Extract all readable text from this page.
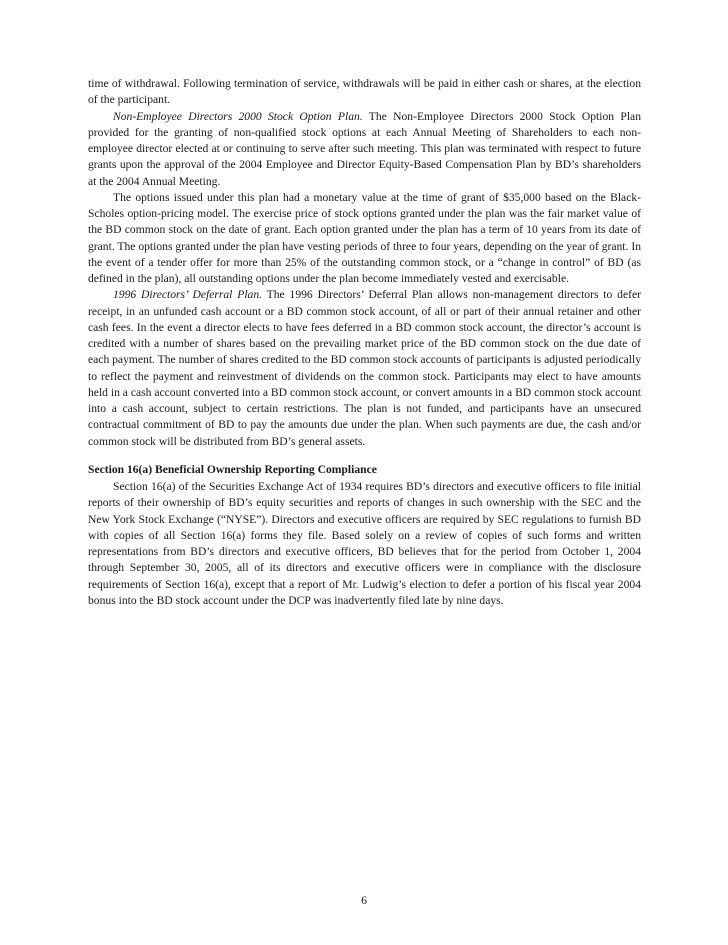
time of withdrawal. Following termination of service, withdrawals will be paid in either cash or shares, at the election of the participant.

Non-Employee Directors 2000 Stock Option Plan. The Non-Employee Directors 2000 Stock Option Plan provided for the granting of non-qualified stock options at each Annual Meeting of Shareholders to each non-employee director elected at or continuing to serve after such meeting. This plan was terminated with respect to future grants upon the approval of the 2004 Employee and Director Equity-Based Compensation Plan by BD’s shareholders at the 2004 Annual Meeting.

The options issued under this plan had a monetary value at the time of grant of $35,000 based on the Black-Scholes option-pricing model. The exercise price of stock options granted under the plan was the fair market value of the BD common stock on the date of grant. Each option granted under the plan has a term of 10 years from its date of grant. The options granted under the plan have vesting periods of three to four years, depending on the year of grant. In the event of a tender offer for more than 25% of the outstanding common stock, or a “change in control” of BD (as defined in the plan), all outstanding options under the plan become immediately vested and exercisable.

1996 Directors’ Deferral Plan. The 1996 Directors’ Deferral Plan allows non-management directors to defer receipt, in an unfunded cash account or a BD common stock account, of all or part of their annual retainer and other cash fees. In the event a director elects to have fees deferred in a BD common stock account, the director’s account is credited with a number of shares based on the prevailing market price of the BD common stock on the due date of each payment. The number of shares credited to the BD common stock accounts of participants is adjusted periodically to reflect the payment and reinvestment of dividends on the common stock. Participants may elect to have amounts held in a cash account converted into a BD common stock account, or convert amounts in a BD common stock account into a cash account, subject to certain restrictions. The plan is not funded, and participants have an unsecured contractual commitment of BD to pay the amounts due under the plan. When such payments are due, the cash and/or common stock will be distributed from BD’s general assets.

Section 16(a) Beneficial Ownership Reporting Compliance

Section 16(a) of the Securities Exchange Act of 1934 requires BD’s directors and executive officers to file initial reports of their ownership of BD’s equity securities and reports of changes in such ownership with the SEC and the New York Stock Exchange (“NYSE”). Directors and executive officers are required by SEC regulations to furnish BD with copies of all Section 16(a) forms they file. Based solely on a review of copies of such forms and written representations from BD’s directors and executive officers, BD believes that for the period from October 1, 2004 through September 30, 2005, all of its directors and executive officers were in compliance with the disclosure requirements of Section 16(a), except that a report of Mr. Ludwig’s election to defer a portion of his fiscal year 2004 bonus into the BD stock account under the DCP was inadvertently filed late by nine days.

6
